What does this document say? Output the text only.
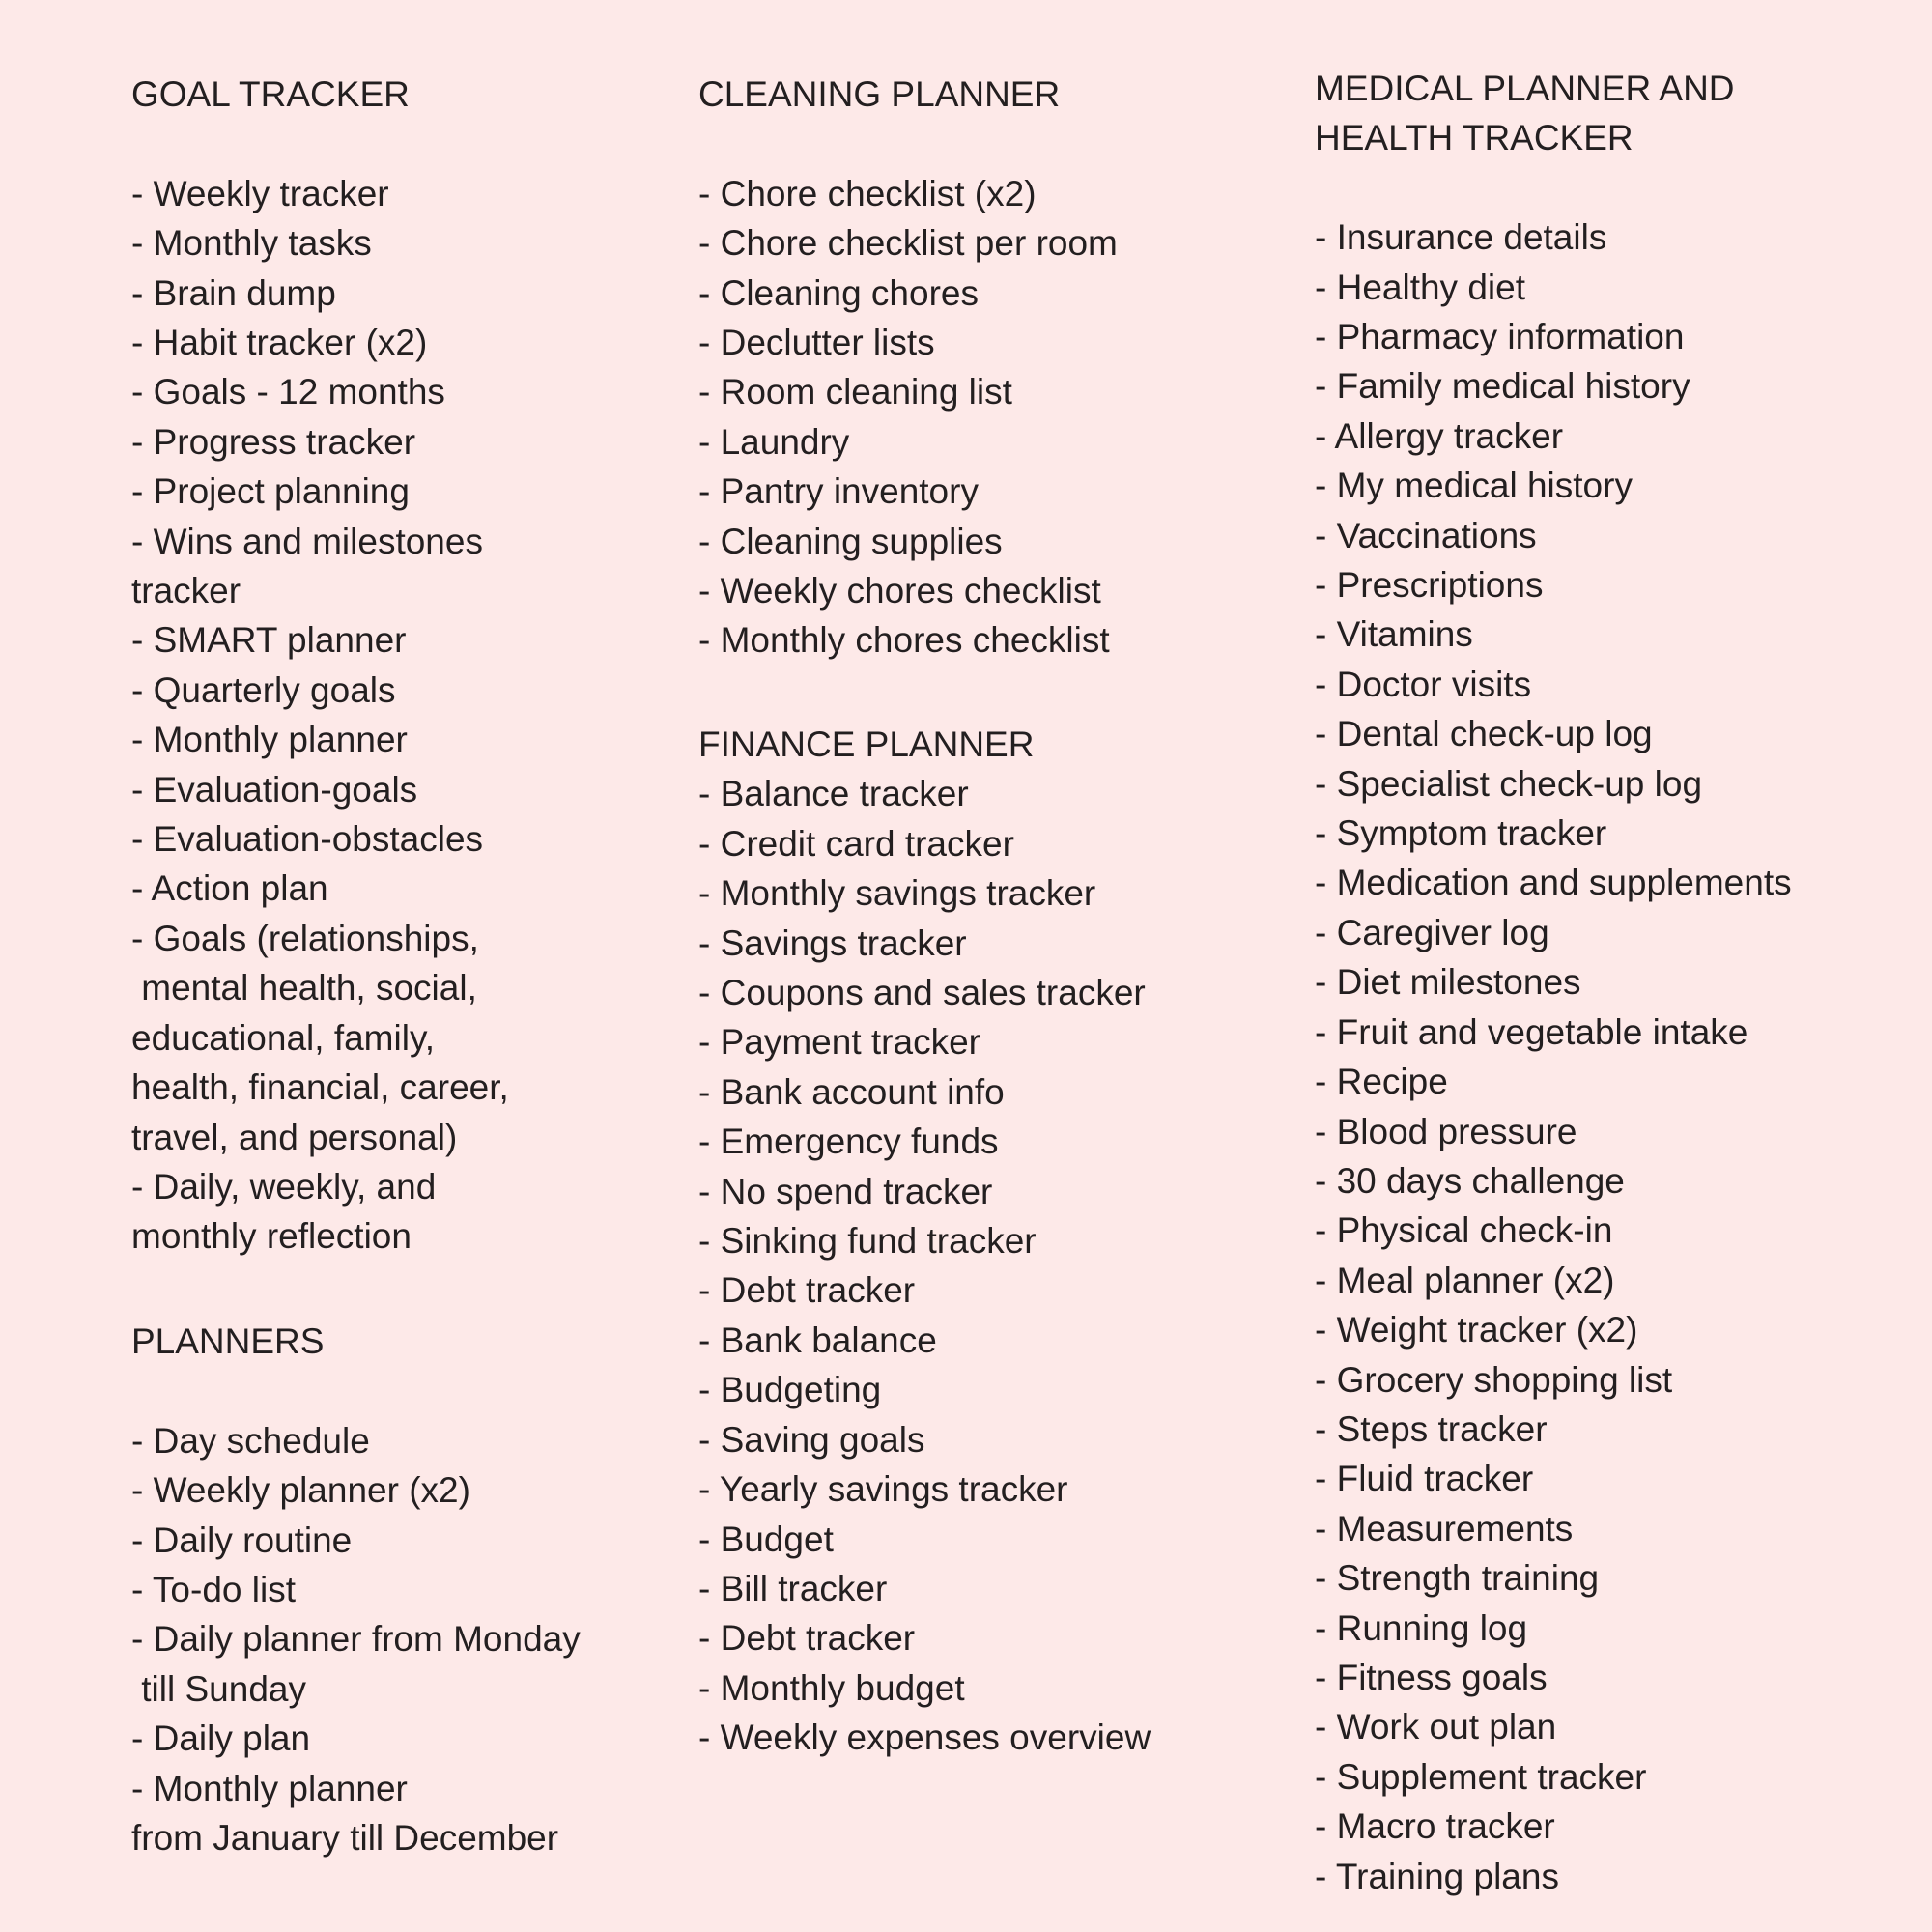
GOAL TRACKER
- Weekly tracker
- Monthly tasks
- Brain dump
- Habit tracker (x2)
- Goals - 12 months
- Progress tracker
- Project planning
- Wins and milestones
tracker
- SMART planner
- Quarterly goals
- Monthly planner
- Evaluation-goals
- Evaluation-obstacles
- Action plan
- Goals (relationships,
mental health, social,
educational, family,
health, financial, career,
travel, and personal)
- Daily, weekly, and
monthly reflection
PLANNERS
- Day schedule
- Weekly planner (x2)
- Daily routine
- To-do list
- Daily planner from Monday
till Sunday
- Daily plan
- Monthly planner
from January till December
CLEANING PLANNER
- Chore checklist (x2)
- Chore checklist per room
- Cleaning chores
- Declutter lists
- Room cleaning list
- Laundry
- Pantry inventory
- Cleaning supplies
- Weekly chores checklist
- Monthly chores checklist
FINANCE PLANNER
- Balance tracker
- Credit card tracker
- Monthly savings tracker
- Savings tracker
- Coupons and sales tracker
- Payment tracker
- Bank account info
- Emergency funds
- No spend tracker
- Sinking fund tracker
- Debt tracker
- Bank balance
- Budgeting
- Saving goals
- Yearly savings tracker
- Budget
- Bill tracker
- Debt tracker
- Monthly budget
- Weekly expenses overview
MEDICAL PLANNER AND
HEALTH TRACKER
- Insurance details
- Healthy diet
- Pharmacy information
- Family medical history
- Allergy tracker
- My medical history
- Vaccinations
- Prescriptions
- Vitamins
- Doctor visits
- Dental check-up log
- Specialist check-up log
- Symptom tracker
- Medication and supplements
- Caregiver log
- Diet milestones
- Fruit and vegetable intake
- Recipe
- Blood pressure
- 30 days challenge
- Physical check-in
- Meal planner (x2)
- Weight tracker (x2)
- Grocery shopping list
- Steps tracker
- Fluid tracker
- Measurements
- Strength training
- Running log
- Fitness goals
- Work out plan
- Supplement tracker
- Macro tracker
- Training plans
